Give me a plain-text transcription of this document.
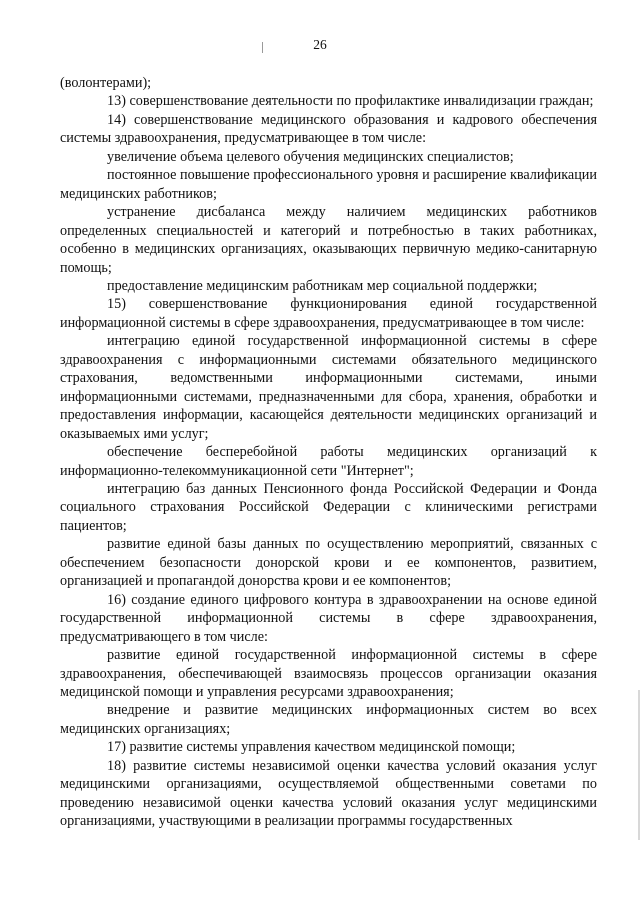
26

(волонтерами);

13) совершенствование деятельности по профилактике инвалидизации граждан;

14) совершенствование медицинского образования и кадрового обеспечения системы здравоохранения, предусматривающее в том числе:

увеличение объема целевого обучения медицинских специалистов;

постоянное повышение профессионального уровня и расширение квалификации медицинских работников;

устранение дисбаланса между наличием медицинских работников определенных специальностей и категорий и потребностью в таких работниках, особенно в медицинских организациях, оказывающих первичную медико-санитарную помощь;

предоставление медицинским работникам мер социальной поддержки;

15) совершенствование функционирования единой государственной информационной системы в сфере здравоохранения, предусматривающее в том числе:

интеграцию единой государственной информационной системы в сфере здравоохранения с информационными системами обязательного медицинского страхования, ведомственными информационными системами, иными информационными системами, предназначенными для сбора, хранения, обработки и предоставления информации, касающейся деятельности медицинских организаций и оказываемых ими услуг;

обеспечение бесперебойной работы медицинских организаций к информационно-телекоммуникационной сети "Интернет";

интеграцию баз данных Пенсионного фонда Российской Федерации и Фонда социального страхования Российской Федерации с клиническими регистрами пациентов;

развитие единой базы данных по осуществлению мероприятий, связанных с обеспечением безопасности донорской крови и ее компонентов, развитием, организацией и пропагандой донорства крови и ее компонентов;

16) создание единого цифрового контура в здравоохранении на основе единой государственной информационной системы в сфере здравоохранения, предусматривающего в том числе:

развитие единой государственной информационной системы в сфере здравоохранения, обеспечивающей взаимосвязь процессов организации оказания медицинской помощи и управления ресурсами здравоохранения;

внедрение и развитие медицинских информационных систем во всех медицинских организациях;

17) развитие системы управления качеством медицинской помощи;

18) развитие системы независимой оценки качества условий оказания услуг медицинскими организациями, осуществляемой общественными советами по проведению независимой оценки качества условий оказания услуг медицинскими организациями, участвующими в реализации программы государственных
